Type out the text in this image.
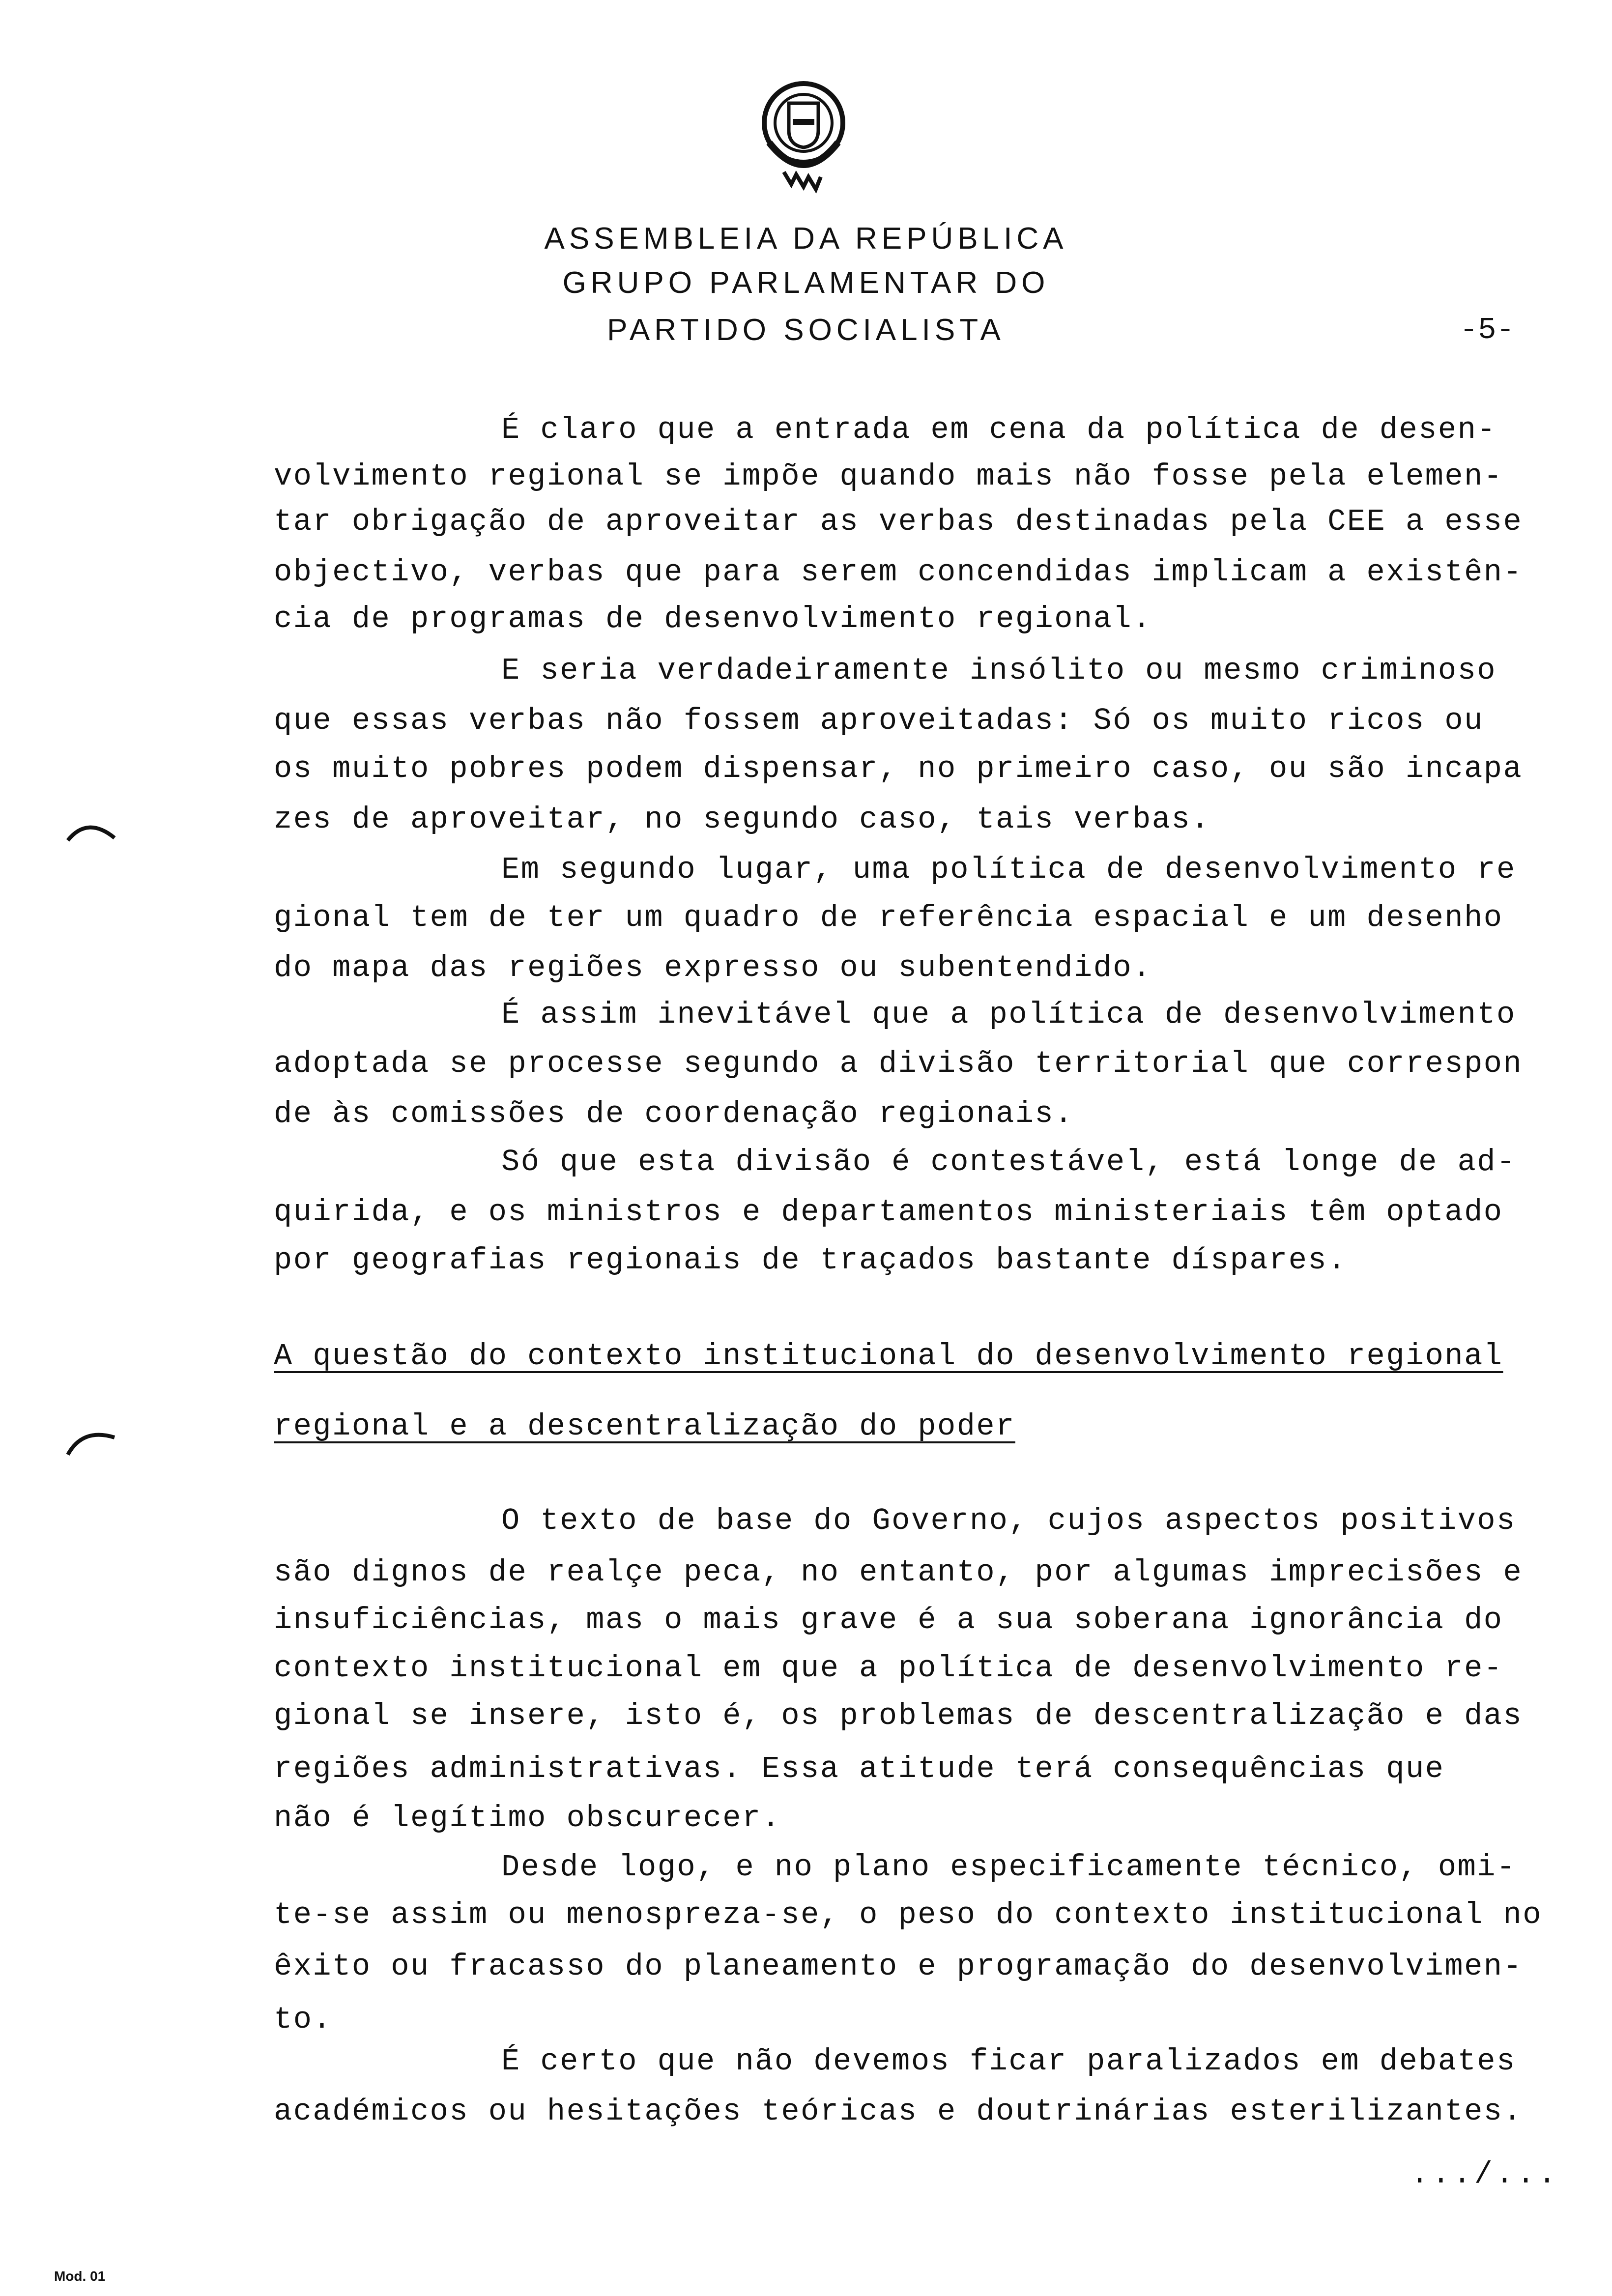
ASSEMBLEIA DA REPÚBLICA
GRUPO PARLAMENTAR DO
PARTIDO SOCIALISTA	-5-
É claro que a entrada em cena da política de desen-
volvimento regional se impõe quando mais não fosse pela elemen-
tar obrigação de aproveitar as verbas destinadas pela CEE a esse
objectivo, verbas que para serem concendidas implicam a existên-
cia de programas de desenvolvimento regional.
E seria verdadeiramente insólito ou mesmo criminoso
que essas verbas não fossem aproveitadas: Só os muito ricos ou
os muito pobres podem dispensar, no primeiro caso, ou são incapa
zes de aproveitar, no segundo caso, tais verbas.
Em segundo lugar, uma política de desenvolvimento re
gional tem de ter um quadro de referência espacial e um desenho
do mapa das regiões expresso ou subentendido.
É assim inevitável que a política de desenvolvimento
adoptada se processe segundo a divisão territorial que correspon
de às comissões de coordenação regionais.
Só que esta divisão é contestável, está longe de ad-
quirida, e os ministros e departamentos ministeriais têm optado
por geografias regionais de traçados bastante díspares.
A questão do contexto institucional do desenvolvimento regional
regional e a descentralização do poder
O texto de base do Governo, cujos aspectos positivos
são dignos de realçe peca, no entanto, por algumas imprecisões e
insuficiências, mas o mais grave é a sua soberana ignorância do
contexto institucional em que a política de desenvolvimento re-
gional se insere, isto é, os problemas de descentralização e das
regiões administrativas. Essa atitude terá consequências que
não é legítimo obscurecer.
Desde logo, e no plano especificamente técnico, omi-
te-se assim ou menospreza-se, o peso do contexto institucional no
êxito ou fracasso do planeamento e programação do desenvolvimen-
to.
É certo que não devemos ficar paralizados em debates
académicos ou hesitações teóricas e doutrinárias esterilizantes.
.../...
Mod. 01
